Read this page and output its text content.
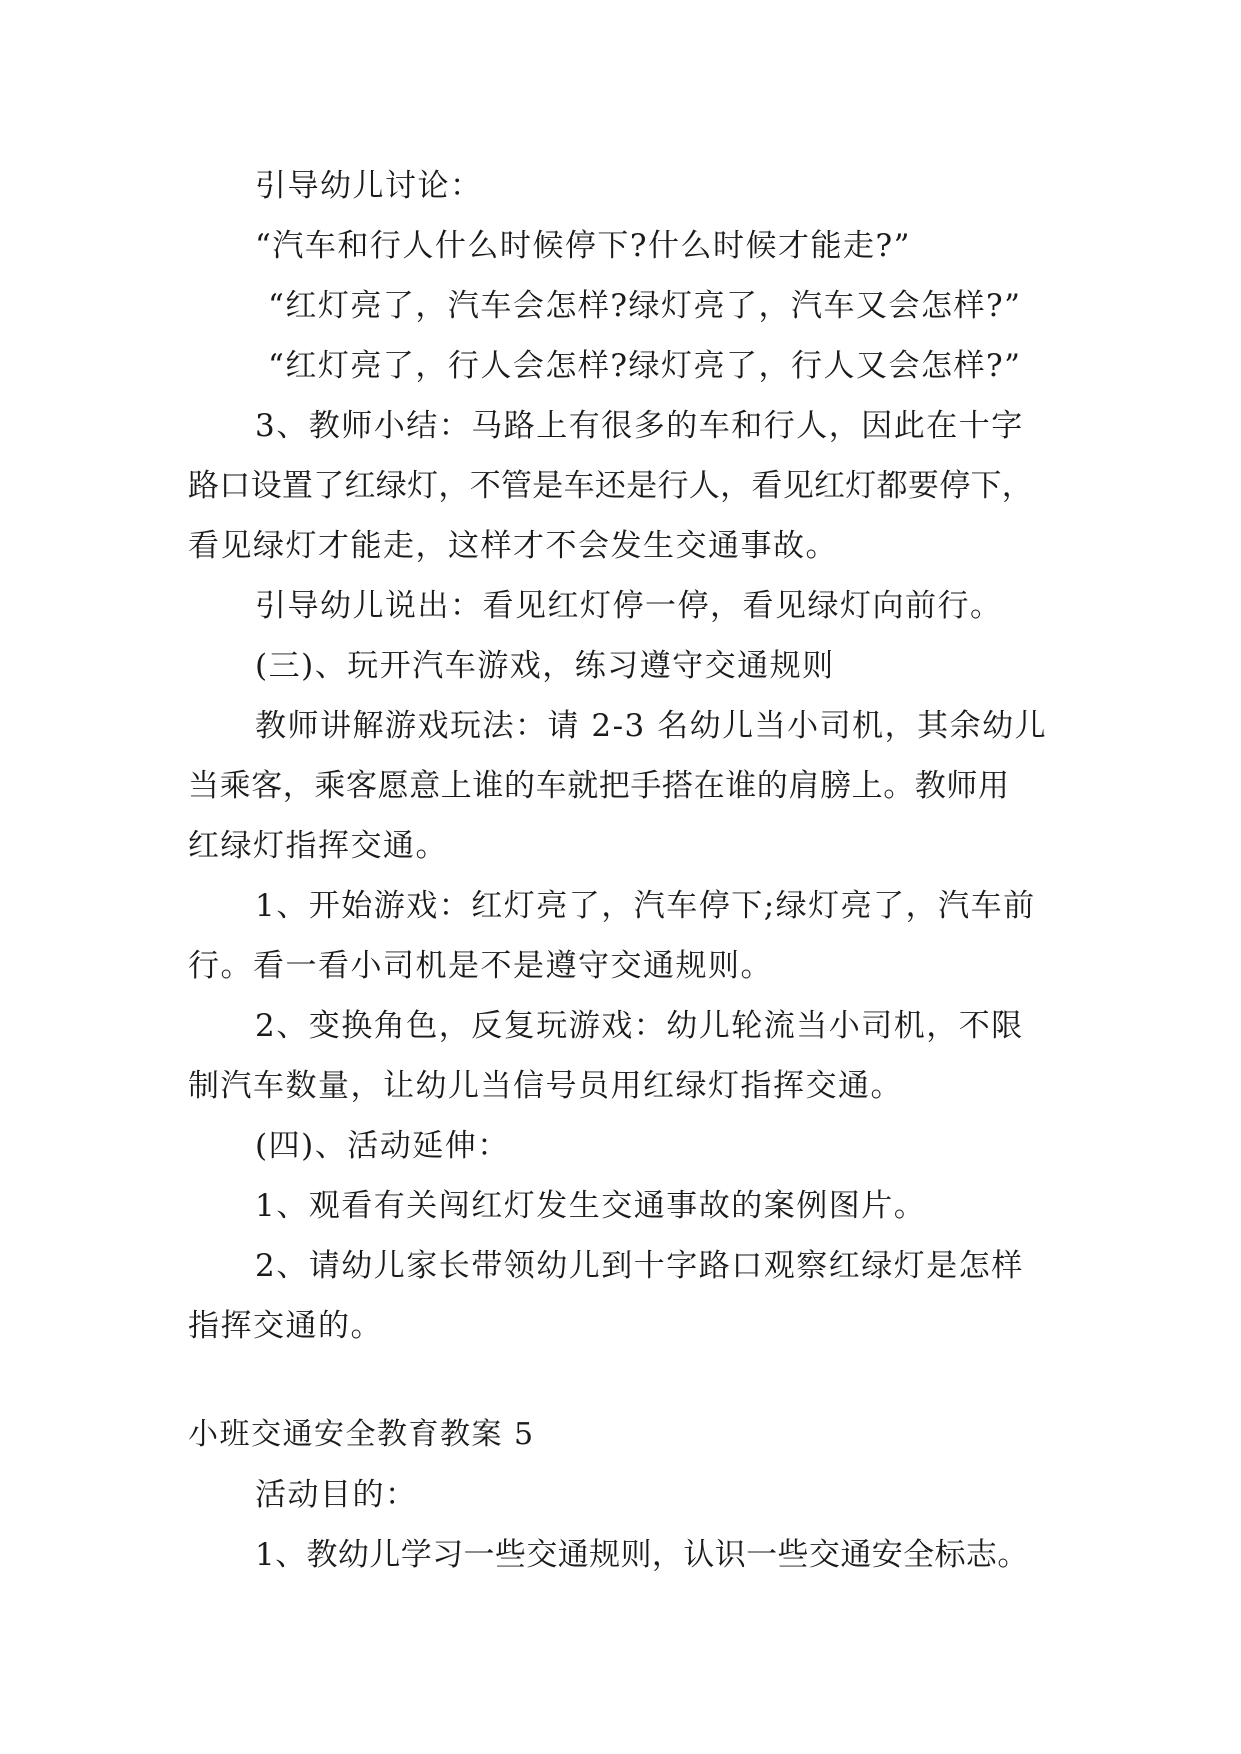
引导幼儿讨论：
“汽车和行人什么时候停下?什么时候才能走?”
“红灯亮了，汽车会怎样?绿灯亮了，汽车又会怎样?”
“红灯亮了，行人会怎样?绿灯亮了，行人又会怎样?”
3、教师小结：马路上有很多的车和行人，因此在十字
路口设置了红绿灯，不管是车还是行人，看见红灯都要停下，
看见绿灯才能走，这样才不会发生交通事故。
引导幼儿说出：看见红灯停一停，看见绿灯向前行。
(三)、玩开汽车游戏，练习遵守交通规则
教师讲解游戏玩法：请 2-3 名幼儿当小司机，其余幼儿
当乘客，乘客愿意上谁的车就把手搭在谁的肩膀上。教师用
红绿灯指挥交通。
1、开始游戏：红灯亮了，汽车停下;绿灯亮了，汽车前
行。看一看小司机是不是遵守交通规则。
2、变换角色，反复玩游戏：幼儿轮流当小司机，不限
制汽车数量，让幼儿当信号员用红绿灯指挥交通。
(四)、活动延伸：
1、观看有关闯红灯发生交通事故的案例图片。
2、请幼儿家长带领幼儿到十字路口观察红绿灯是怎样
指挥交通的。
小班交通安全教育教案 5
活动目的：
1、教幼儿学习一些交通规则，认识一些交通安全标志。
